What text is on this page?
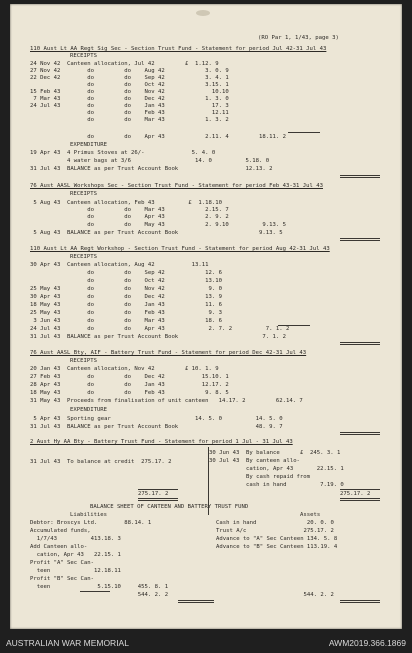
(RO Par 1, 1/43, page 3)
110 Aust Lt AA Regt Sig Sec - Section Trust Fund - Statement for period Jul 42-31 Jul 43
RECEIPTS
24 Nov 42  Canteen allocation, Jul 42         £  1.12. 9
27 Nov 42        do         do    Aug 42            3. 0. 9
22 Dec 42        do         do    Sep 42            3. 4. 1
do         do    Oct 42            3.15. 1
15 Feb 43        do         do    Nov 42              10.10
7 Mar 43        do         do    Dec 42            1. 3. 0
24 Jul 43        do         do    Jan 43              17. 3
do         do    Feb 43              12.11
do         do    Mar 43            1. 3. 2
do         do    Apr 43            2.11. 4         18.11. 2
EXPENDITURE
19 Apr 43  4 Primus Stoves at 26/-              5. 4. 0
4 water bags at 3/6                   14. 0          5.18. 0
31 Jul 43  BALANCE as per Trust Account Book                    12.13. 2
76 Aust AASL Workshops Sec - Section Trust Fund - Statement for period Feb 43-31 Jul 43
RECEIPTS
5 Aug 43  Canteen allocation, Feb 43          £  1.18.10
do         do    Mar 43            2.15. 7
do         do    Apr 43            2. 9. 2
do         do    May 43            2. 9.10          9.13. 5
5 Aug 43  BALANCE as per Trust Account Book                        9.13. 5
110 Aust Lt AA Regt Workshop - Section Trust Fund - Statement for period Aug 42-31 Jul 43
RECEIPTS
30 Apr 43  Canteen allocation, Aug 42           13.11
do         do    Sep 42            12. 6
do         do    Oct 42            13.10
25 May 43        do         do    Nov 42             9. 0
30 Apr 43        do         do    Dec 42            13. 9
18 May 43        do         do    Jan 43            11. 6
25 May 43        do         do    Feb 43             9. 3
3 Jun 43        do         do    Mar 43            18. 6
24 Jul 43        do         do    Apr 43             2. 7. 2          7. 1. 2
31 Jul 43  BALANCE as per Trust Account Book                         7. 1. 2
76 Aust AASL Bty, AIF - Battery Trust Fund - Statement for period Dec 42-31 Jul 43
RECEIPTS
20 Jan 43  Canteen allocation, Nov 42         £ 10. 1. 9
27 Feb 43        do         do    Dec 42           15.10. 1
28 Apr 43        do         do    Jan 43           12.17. 2
18 May 43        do         do    Feb 43            9. 8. 5
31 May 43  Proceeds from finalisation of unit canteen   14.17. 2         62.14. 7
EXPENDITURE
5 Apr 43  Sporting gear                         14. 5. 0          14. 5. 0
31 Jul 43  BALANCE as per Trust Account Book                       48. 9. 7
2 Aust Hy AA Bty - Battery Trust Fund - Statement for period 1 Jul - 31 Jul 43
31 Jul 43  To balance at credit  275.17. 2
30 Jun 43  By balance      £  245. 3. 1
30 Jul 43  By canteen allo-
cation, Apr 43       22.15. 1
By cash repaid from
cash in hand          7.19. 0
275.17. 2	275.17. 2
BALANCE SHEET OF CANTEEN AND BATTERY TRUST FUND
Liabilities	Assets
Debtor: Broscys Ltd.        88.14. 1
Accumulated funds,
1/7/43          413.18. 3
Add Canteen allo-
cation, Apr 43   22.15. 1
Profit "A" Sec Can-
teen             12.18.11
Profit "B" Sec Can-
teen              5.15.10     455. 8. 1
544. 2. 2
Cash in hand               20. 0. 0
Trust A/c                 275.17. 2
Advance to "A" Sec Canteen 134. 5. 8
Advance to "B" Sec Canteen 113.19. 4
544. 2. 2
AUSTRALIAN WAR MEMORIAL	AWM2019.366.1869
